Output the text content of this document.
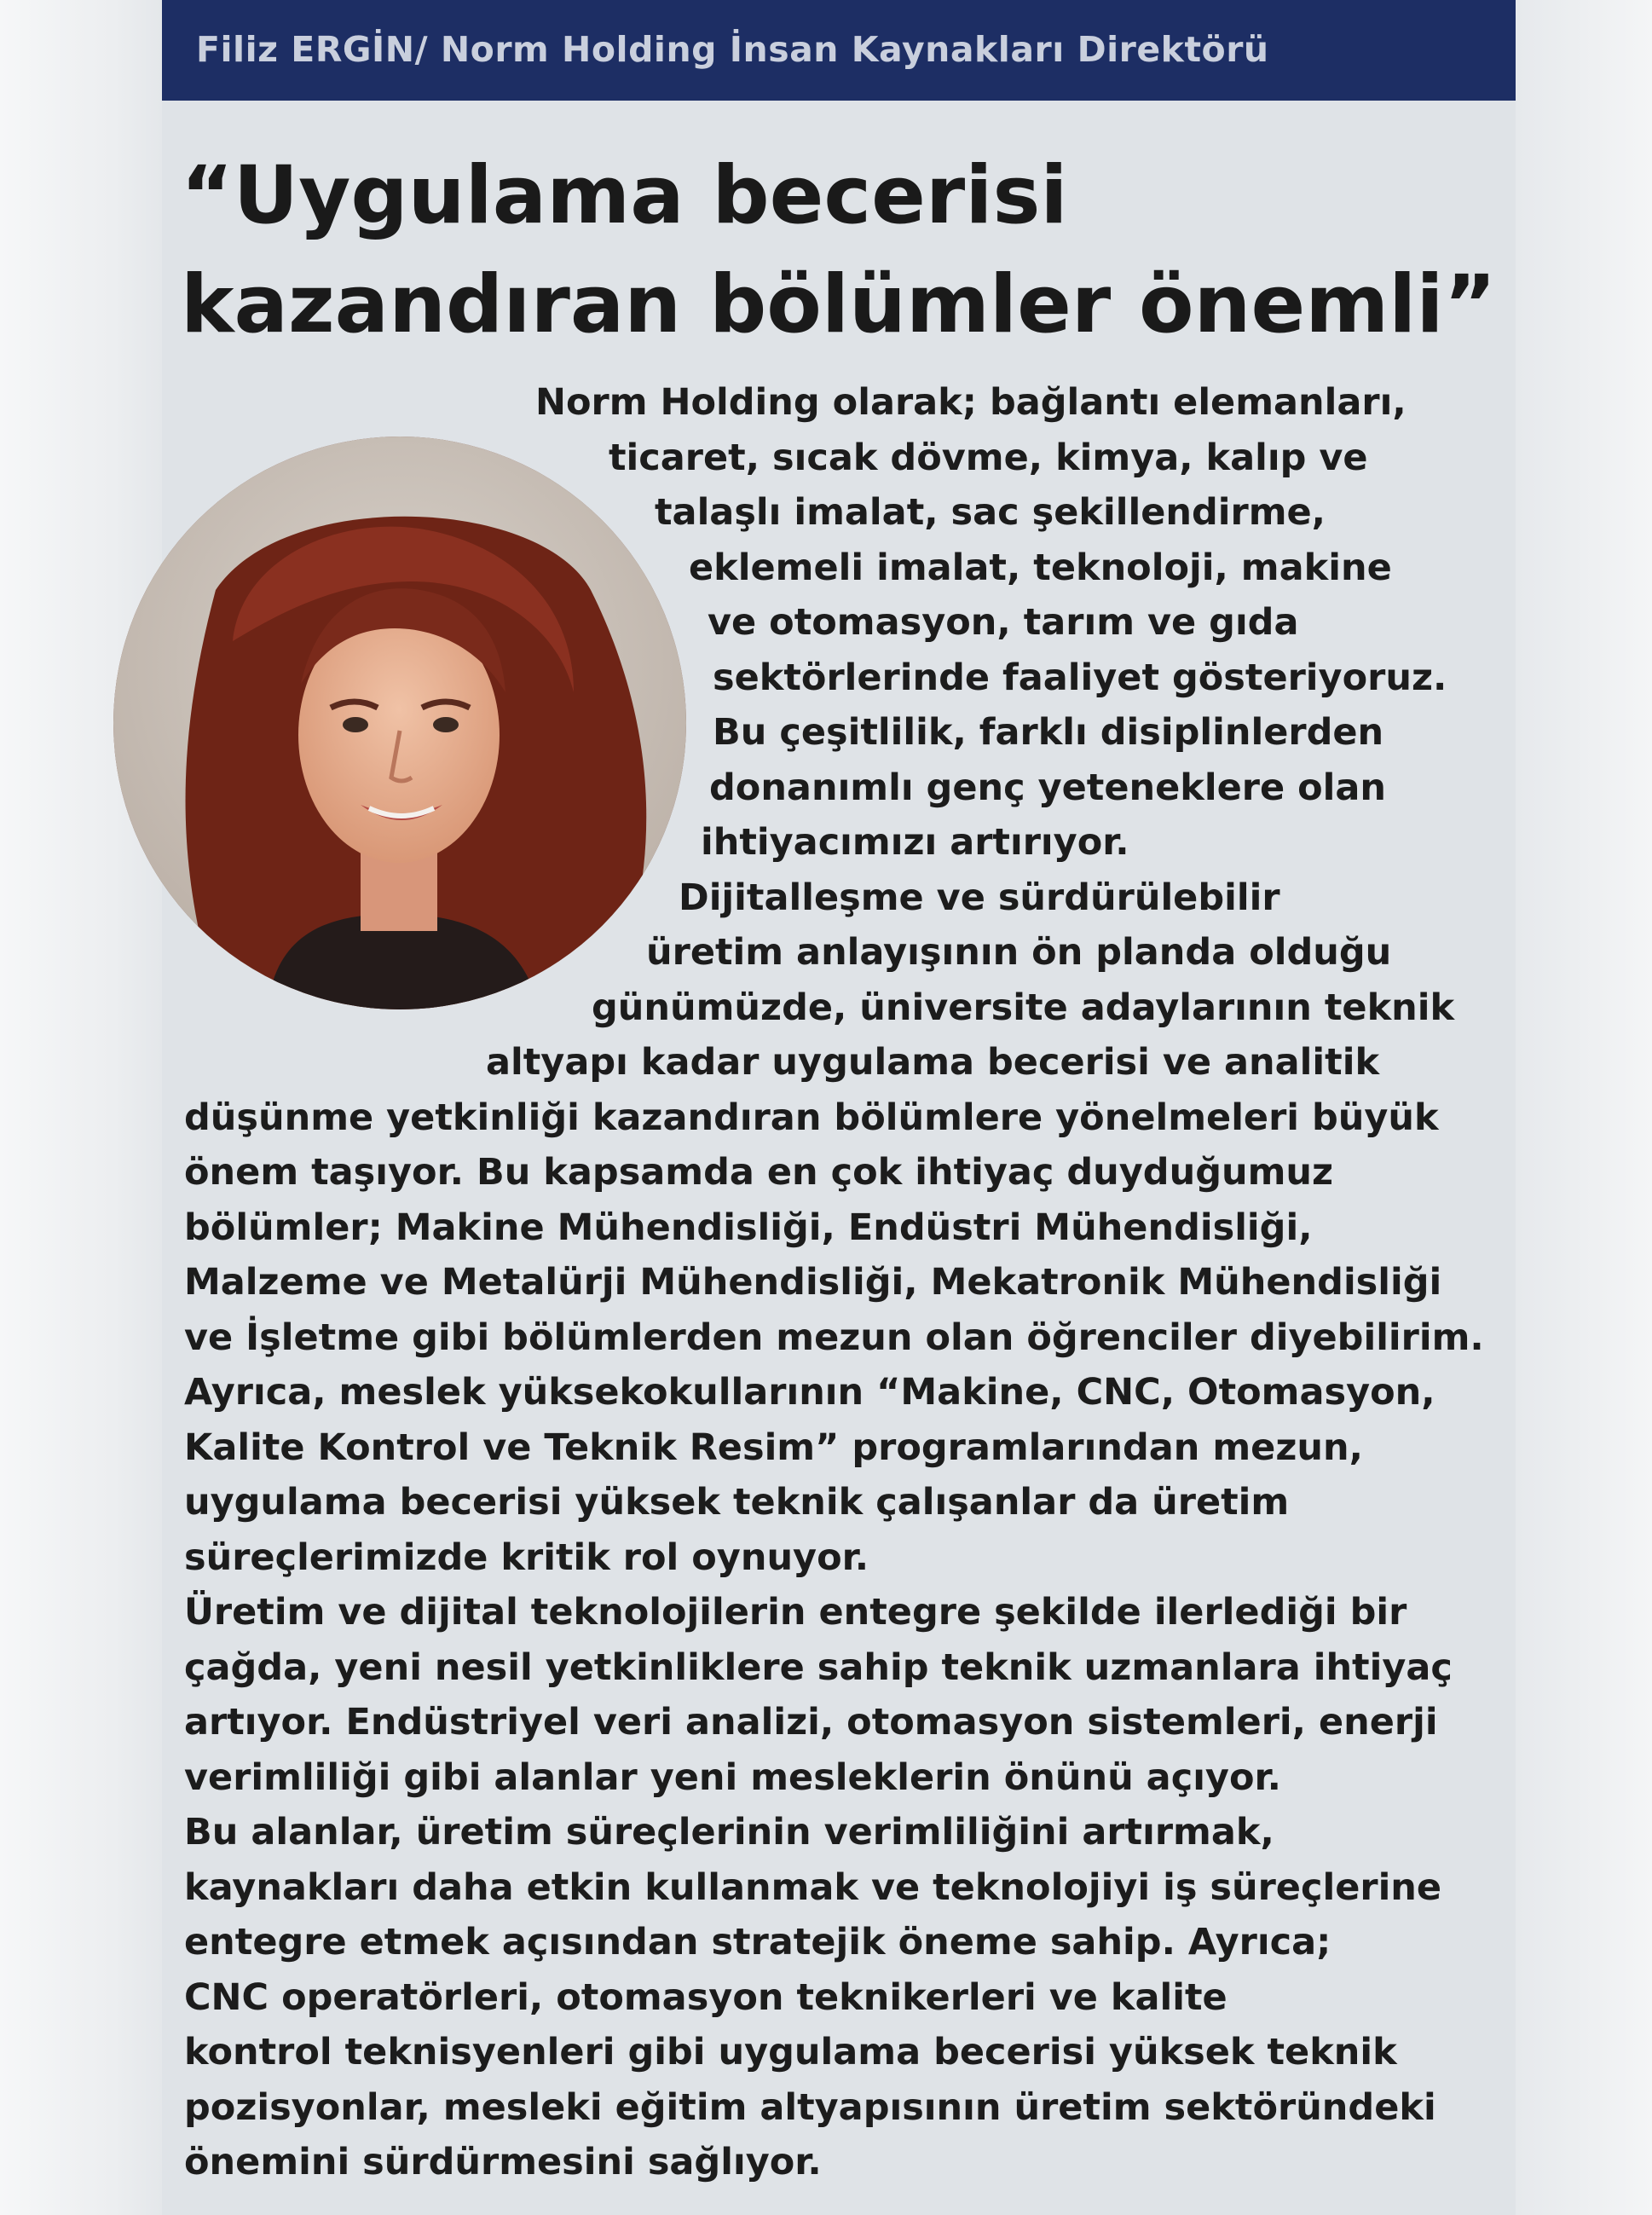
Filiz ERGİN/ Norm Holding İnsan Kaynakları Direktörü
“Uygulama becerisi
kazandıran bölümler önemli”
Norm Holding olarak; bağlantı elemanları,
ticaret, sıcak dövme, kimya, kalıp ve
talaşlı imalat, sac şekillendirme,
eklemeli imalat, teknoloji, makine
ve otomasyon, tarım ve gıda
sektörlerinde faaliyet gösteriyoruz.
Bu çeşitlilik, farklı disiplinlerden
donanımlı genç yeteneklere olan
ihtiyacımızı artırıyor.
Dijitalleşme ve sürdürülebilir
üretim anlayışının ön planda olduğu
günümüzde, üniversite adaylarının teknik
altyapı kadar uygulama becerisi ve analitik
düşünme yetkinliği kazandıran bölümlere yönelmeleri büyük
önem taşıyor. Bu kapsamda en çok ihtiyaç duyduğumuz
bölümler; Makine Mühendisliği, Endüstri Mühendisliği,
Malzeme ve Metalürji Mühendisliği, Mekatronik Mühendisliği
ve İşletme gibi bölümlerden mezun olan öğrenciler diyebilirim.
Ayrıca, meslek yüksekokullarının “Makine, CNC, Otomasyon,
Kalite Kontrol ve Teknik Resim” programlarından mezun,
uygulama becerisi yüksek teknik çalışanlar da üretim
süreçlerimizde kritik rol oynuyor.
Üretim ve dijital teknolojilerin entegre şekilde ilerlediği bir
çağda, yeni nesil yetkinliklere sahip teknik uzmanlara ihtiyaç
artıyor. Endüstriyel veri analizi, otomasyon sistemleri, enerji
verimliliği gibi alanlar yeni mesleklerin önünü açıyor.
Bu alanlar, üretim süreçlerinin verimliliğini artırmak,
kaynakları daha etkin kullanmak ve teknolojiyi iş süreçlerine
entegre etmek açısından stratejik öneme sahip. Ayrıca;
CNC operatörleri, otomasyon teknikerleri ve kalite
kontrol teknisyenleri gibi uygulama becerisi yüksek teknik
pozisyonlar, mesleki eğitim altyapısının üretim sektöründeki
önemini sürdürmesini sağlıyor.
